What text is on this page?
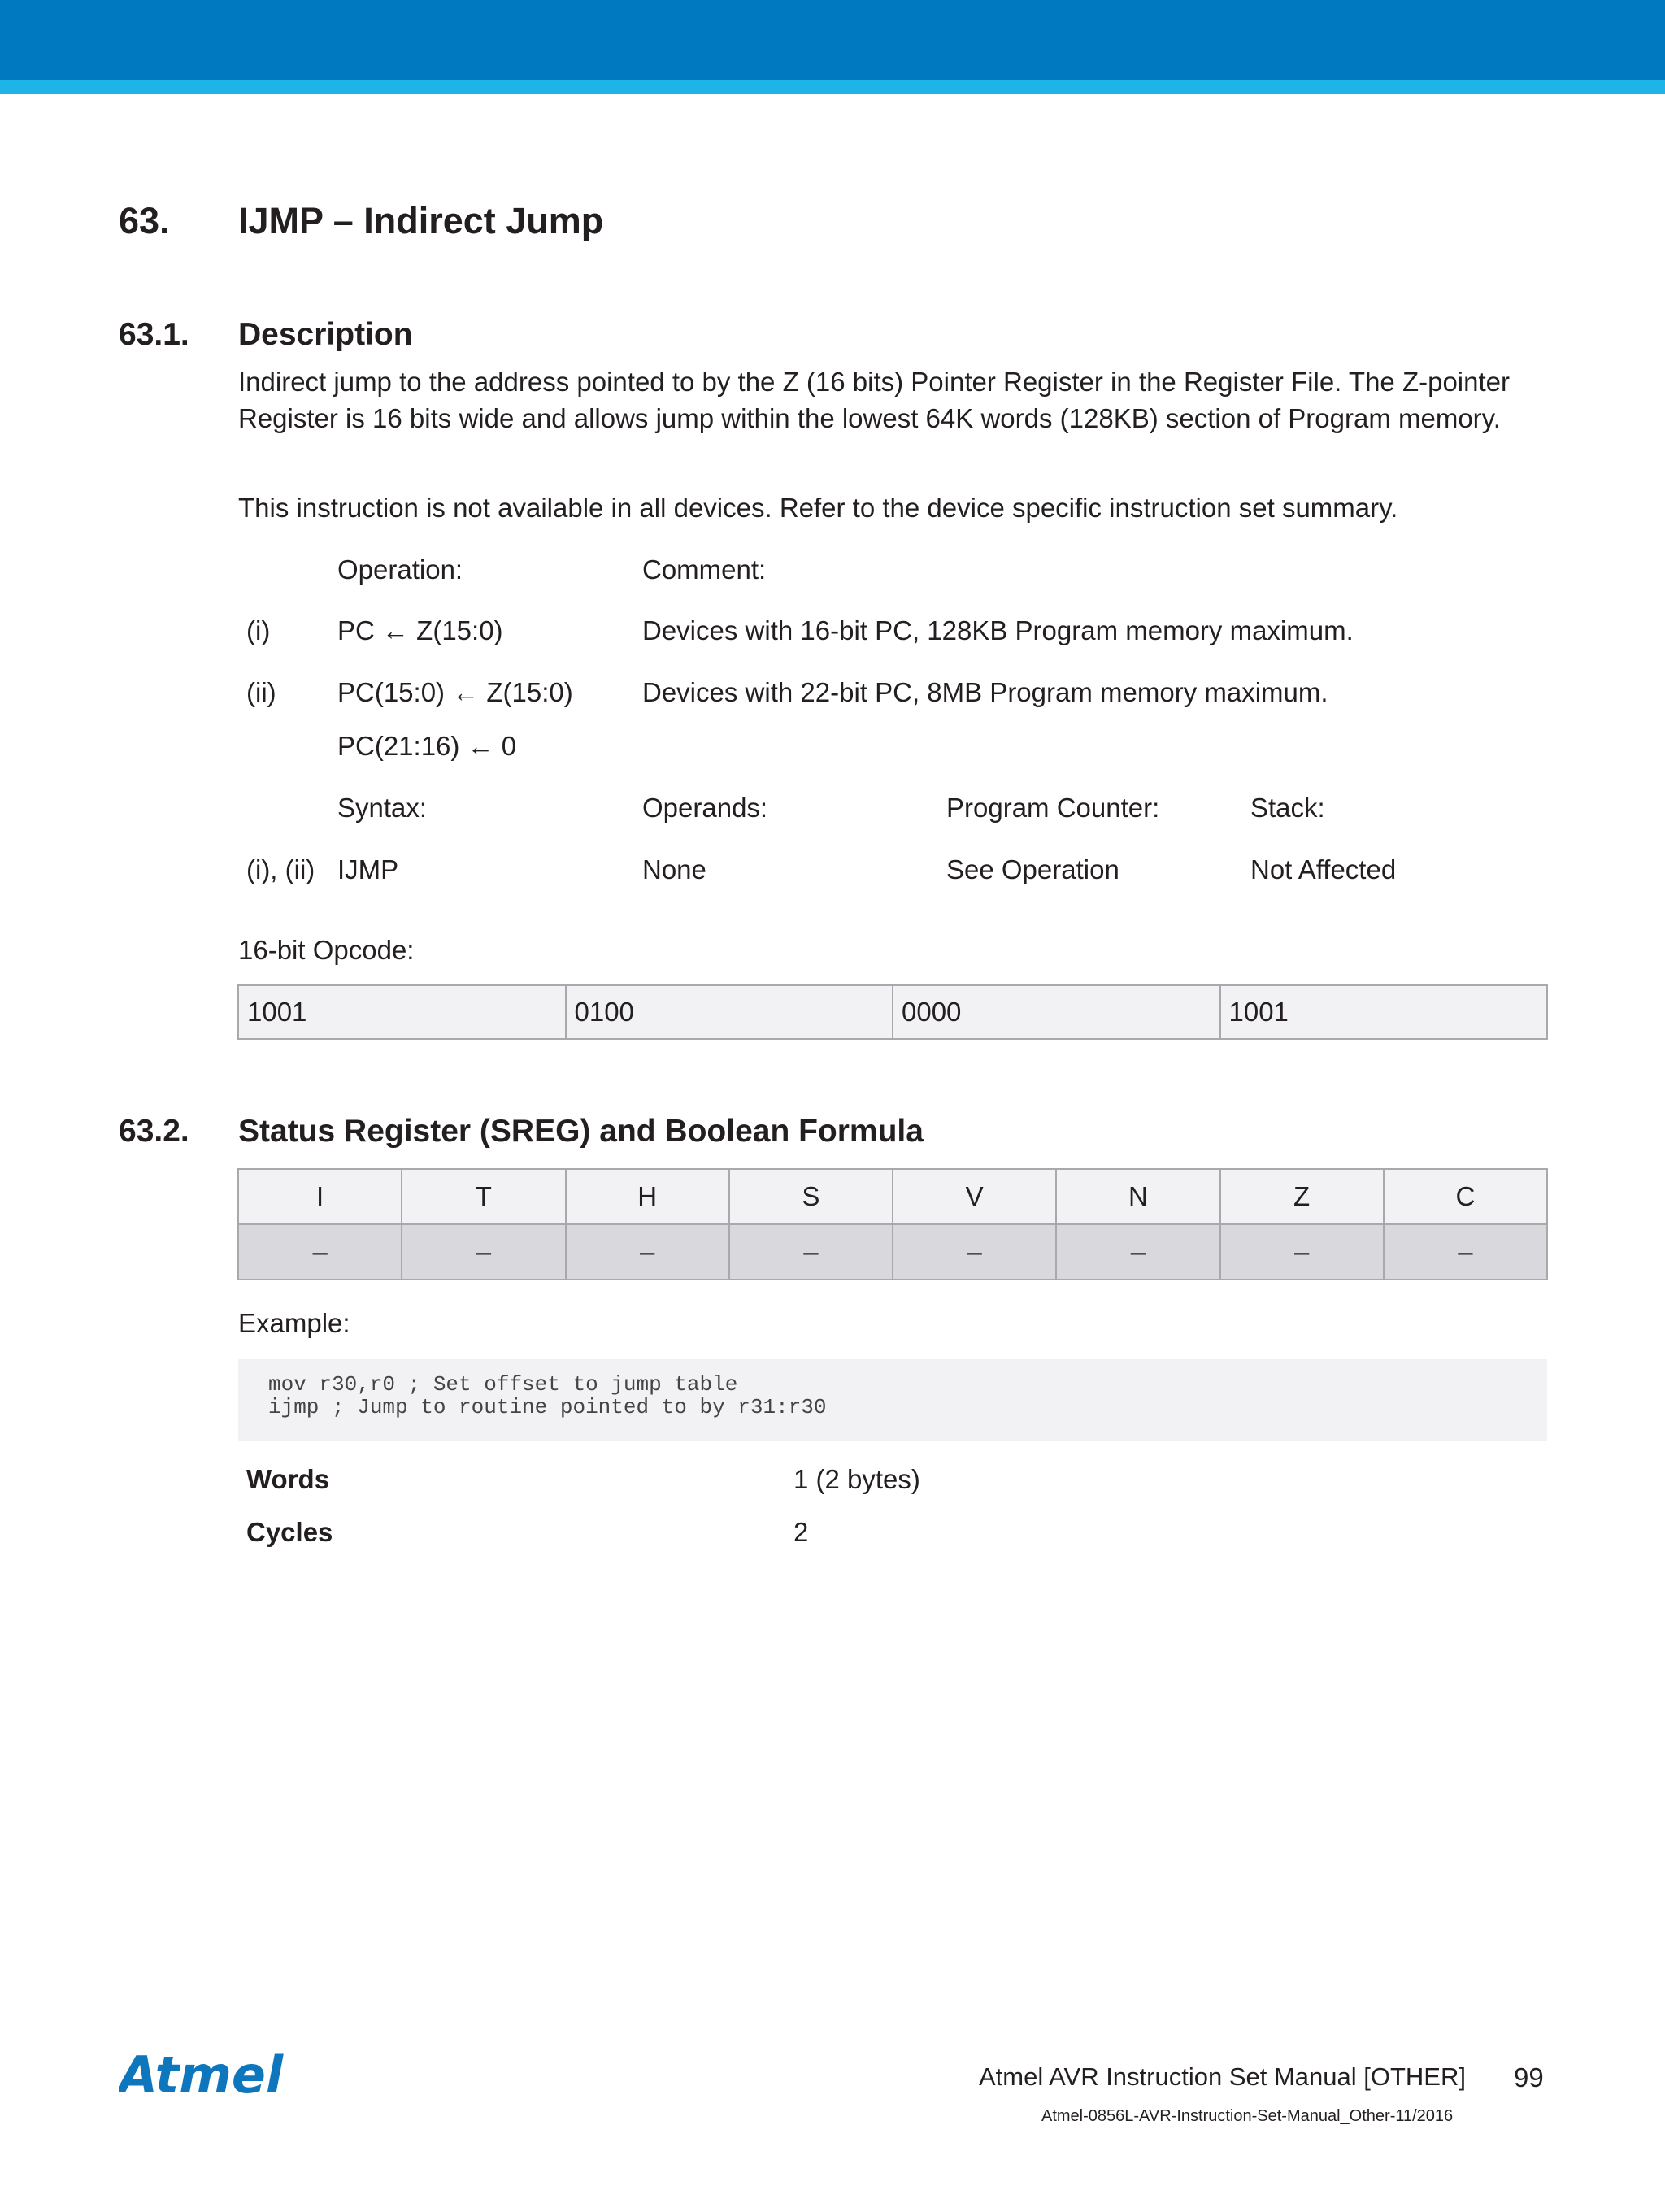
63. IJMP – Indirect Jump
63.1. Description
Indirect jump to the address pointed to by the Z (16 bits) Pointer Register in the Register File. The Z-pointer Register is 16 bits wide and allows jump within the lowest 64K words (128KB) section of Program memory.
This instruction is not available in all devices. Refer to the device specific instruction set summary.
Operation:	Comment:
(i)	PC ← Z(15:0)	Devices with 16-bit PC, 128KB Program memory maximum.
(ii) PC(15:0) ← Z(15:0)	Devices with 22-bit PC, 8MB Program memory maximum.
PC(21:16) ← 0
Syntax:	Operands:	Program Counter:	Stack:
(i), (ii) IJMP	None	See Operation	Not Affected
16-bit Opcode:
1001	0100	0000	1001
63.2. Status Register (SREG) and Boolean Formula
I	T	H	S	V	N	Z	C
–	–	–	–	–	–	–	–
Example:
mov r30,r0 ; Set offset to jump table
ijmp ; Jump to routine pointed to by r31:r30
Words	1 (2 bytes)
Cycles	2
Atmel	Atmel AVR Instruction Set Manual [OTHER] 99
Atmel-0856L-AVR-Instruction-Set-Manual_Other-11/2016
